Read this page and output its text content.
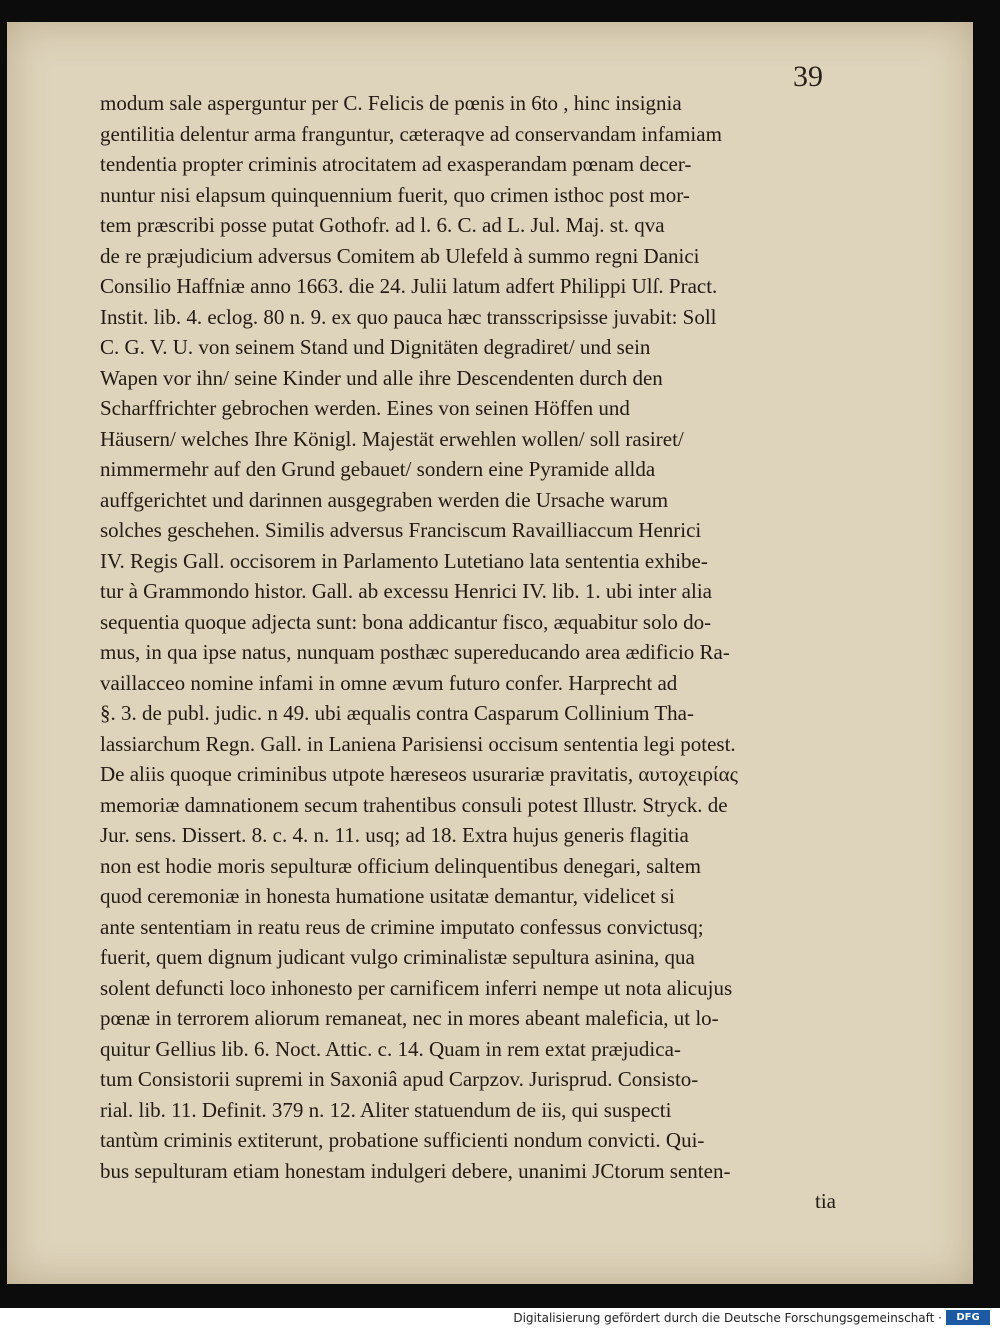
39
modum sale asperguntur per C. Felicis de pœnis in 6to , hinc insignia
gentilitia delentur arma franguntur, cæteraqve ad conservandam infamiam
tendentia propter criminis atrocitatem ad exasperandam pœnam decer-
nuntur nisi elapsum quinquennium fuerit, quo crimen isthoc post mor-
tem præscribi posse putat Gothofr. ad l. 6. C. ad L. Jul. Maj. st. qva
de re præjudicium adversus Comitem ab Ulefeld à summo regni Danici
Consilio Haffniæ anno 1663. die 24. Julii latum adfert Philippi Ulſ. Pract.
Instit. lib. 4. eclog. 80 n. 9. ex quo pauca hæc transscripsisse juvabit: Soll
C. G. V. U. von seinem Stand und Dignitäten degradiret/ und sein
Wapen vor ihn/ seine Kinder und alle ihre Descendenten durch den
Scharffrichter gebrochen werden. Eines von seinen Höffen und
Häusern/ welches Ihre Königl. Majestät erwehlen wollen/ soll rasiret/
nimmermehr auf den Grund gebauet/ sondern eine Pyramide allda
auffgerichtet und darinnen ausgegraben werden die Ursache warum
solches geschehen. Similis adversus Franciscum Ravailliaccum Henrici
IV. Regis Gall. occisorem in Parlamento Lutetiano lata sententia exhibe-
tur à Grammondo histor. Gall. ab excessu Henrici IV. lib. 1. ubi inter alia
sequentia quoque adjecta sunt: bona addicantur fisco, æquabitur solo do-
mus, in qua ipse natus, nunquam posthæc supereducando area ædificio Ra-
vaillacceo nomine infami in omne ævum futuro confer. Harprecht ad
§. 3. de publ. judic. n 49. ubi æqualis contra Casparum Collinium Tha-
lassiarchum Regn. Gall. in Laniena Parisiensi occisum sententia legi potest.
De aliis quoque criminibus utpote hæreseos usurariæ pravitatis, αυτοχειρίας
memoriæ damnationem secum trahentibus consuli potest Illustr. Stryck. de
Jur. sens. Dissert. 8. c. 4. n. 11. usq; ad 18. Extra hujus generis flagitia
non est hodie moris sepulturæ officium delinquentibus denegari, saltem
quod ceremoniæ in honesta humatione usitatæ demantur, videlicet si
ante sententiam in reatu reus de crimine imputato confessus convictusq;
fuerit, quem dignum judicant vulgo criminalistæ sepultura asinina, qua
solent defuncti loco inhonesto per carnificem inferri nempe ut nota alicujus
pœnæ in terrorem aliorum remaneat, nec in mores abeant maleficia, ut lo-
quitur Gellius lib. 6. Noct. Attic. c. 14. Quam in rem extat præjudica-
tum Consistorii supremi in Saxoniâ apud Carpzov. Jurisprud. Consisto-
rial. lib. 11. Definit. 379 n. 12. Aliter statuendum de iis, qui suspecti
tantùm criminis extiterunt, probatione sufficienti nondum convicti. Qui-
bus sepulturam etiam honestam indulgeri debere, unanimi JCtorum senten-
tia
Digitalisierung gefördert durch die Deutsche Forschungsgemeinschaft ·	DFG
